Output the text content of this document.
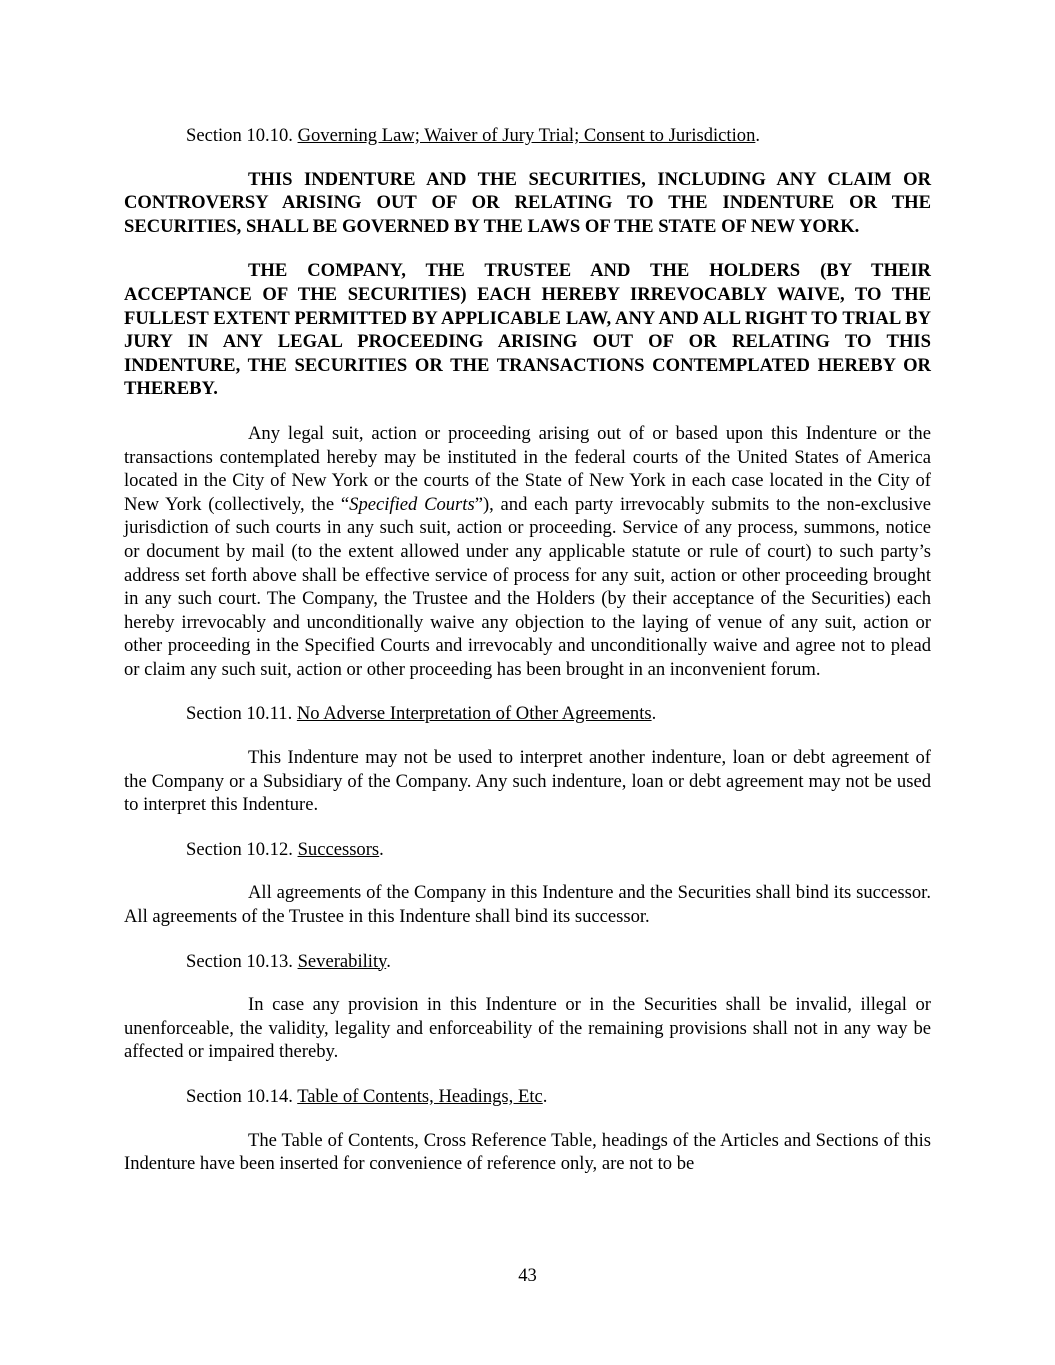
Section 10.10. Governing Law; Waiver of Jury Trial; Consent to Jurisdiction.

THIS INDENTURE AND THE SECURITIES, INCLUDING ANY CLAIM OR CONTROVERSY ARISING OUT OF OR RELATING TO THE INDENTURE OR THE SECURITIES, SHALL BE GOVERNED BY THE LAWS OF THE STATE OF NEW YORK.

THE COMPANY, THE TRUSTEE AND THE HOLDERS (BY THEIR ACCEPTANCE OF THE SECURITIES) EACH HEREBY IRREVOCABLY WAIVE, TO THE FULLEST EXTENT PERMITTED BY APPLICABLE LAW, ANY AND ALL RIGHT TO TRIAL BY JURY IN ANY LEGAL PROCEEDING ARISING OUT OF OR RELATING TO THIS INDENTURE, THE SECURITIES OR THE TRANSACTIONS CONTEMPLATED HEREBY OR THEREBY.

Any legal suit, action or proceeding arising out of or based upon this Indenture or the transactions contemplated hereby may be instituted in the federal courts of the United States of America located in the City of New York or the courts of the State of New York in each case located in the City of New York (collectively, the “Specified Courts”), and each party irrevocably submits to the non-exclusive jurisdiction of such courts in any such suit, action or proceeding. Service of any process, summons, notice or document by mail (to the extent allowed under any applicable statute or rule of court) to such party’s address set forth above shall be effective service of process for any suit, action or other proceeding brought in any such court. The Company, the Trustee and the Holders (by their acceptance of the Securities) each hereby irrevocably and unconditionally waive any objection to the laying of venue of any suit, action or other proceeding in the Specified Courts and irrevocably and unconditionally waive and agree not to plead or claim any such suit, action or other proceeding has been brought in an inconvenient forum.

Section 10.11. No Adverse Interpretation of Other Agreements.

This Indenture may not be used to interpret another indenture, loan or debt agreement of the Company or a Subsidiary of the Company. Any such indenture, loan or debt agreement may not be used to interpret this Indenture.

Section 10.12. Successors.

All agreements of the Company in this Indenture and the Securities shall bind its successor. All agreements of the Trustee in this Indenture shall bind its successor.

Section 10.13. Severability.

In case any provision in this Indenture or in the Securities shall be invalid, illegal or unenforceable, the validity, legality and enforceability of the remaining provisions shall not in any way be affected or impaired thereby.

Section 10.14. Table of Contents, Headings, Etc.

The Table of Contents, Cross Reference Table, headings of the Articles and Sections of this Indenture have been inserted for convenience of reference only, are not to be

43
